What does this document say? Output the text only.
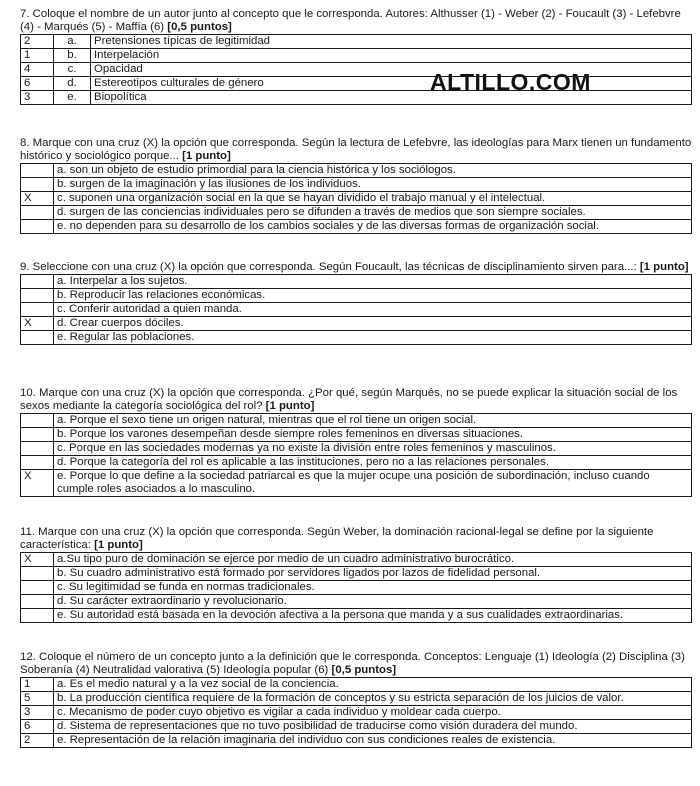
ALTILLO.COM

7. Coloque el nombre de un autor junto al concepto que le corresponda. Autores: Althusser (1) - Weber (2) - Foucault (3) - Lefebvre (4) - Marqués (5) - Maffía (6) [0,5 puntos]

2	a.	Pretensiones típicas de legitimidad
1	b.	Interpelación
4	c.	Opacidad
6	d.	Estereotipos culturales de género
3	e.	Biopolítica

8. Marque con una cruz (X) la opción que corresponda. Según la lectura de Lefebvre, las ideologías para Marx tienen un fundamento histórico y sociológico porque... [1 punto]

	a. son un objeto de estudio primordial para la ciencia histórica y los sociólogos.
	b. surgen de la imaginación y las ilusiones de los individuos.
X	c. suponen una organización social en la que se hayan dividido el trabajo manual y el intelectual.
	d. surgen de las conciencias individuales pero se difunden a través de medios que son siempre sociales.
	e. no dependen para su desarrollo de los cambios sociales y de las diversas formas de organización social.

9. Seleccione con una cruz (X) la opción que corresponda. Según Foucault, las técnicas de disciplinamiento sirven para...: [1 punto]

	a. Interpelar a los sujetos.
	b. Reproducir las relaciones económicas.
	c. Conferir autoridad a quien manda.
X	d. Crear cuerpos dóciles.
	e. Regular las poblaciones.

10. Marque con una cruz (X) la opción que corresponda. ¿Por qué, según Marqués, no se puede explicar la situación social de los sexos mediante la categoría sociológica del rol? [1 punto]

	a. Porque el sexo tiene un origen natural, mientras que el rol tiene un origen social.
	b. Porque los varones desempeñan desde siempre roles femeninos en diversas situaciones.
	c. Porque en las sociedades modernas ya no existe la división entre roles femeninos y masculinos.
	d. Porque la categoría del rol es aplicable a las instituciones, pero no a las relaciones personales.
X	e. Porque lo que define a la sociedad patriarcal es que la mujer ocupe una posición de subordinación, incluso cuando cumple roles asociados a lo masculino.

11. Marque con una cruz (X) la opción que corresponda. Según Weber, la dominación racional-legal se define por la siguiente característica: [1 punto]

X	a.Su tipo puro de dominación se ejerce por medio de un cuadro administrativo burocrático.
	b. Su cuadro administrativo está formado por servidores ligados por lazos de fidelidad personal.
	c. Su legitimidad se funda en normas tradicionales.
	d. Su carácter extraordinario y revolucionario.
	e. Su autoridad está basada en la devoción afectiva a la persona que manda y a sus cualidades extraordinarias.

12. Coloque el número de un concepto junto a la definición que le corresponda. Conceptos: Lenguaje (1) Ideología (2) Disciplina (3) Soberanía (4) Neutralidad valorativa (5) Ideología popular (6) [0,5 puntos]

1	a. Es el medio natural y a la vez social de la conciencia.
5	b. La producción científica requiere de la formación de conceptos y su estricta separación de los juicios de valor.
3	c. Mecanismo de poder cuyo objetivo es vigilar a cada individuo y moldear cada cuerpo.
6	d. Sistema de representaciones que no tuvo posibilidad de traducirse como visión duradera del mundo.
2	e. Representación de la relación imaginaria del individuo con sus condiciones reales de existencia.
